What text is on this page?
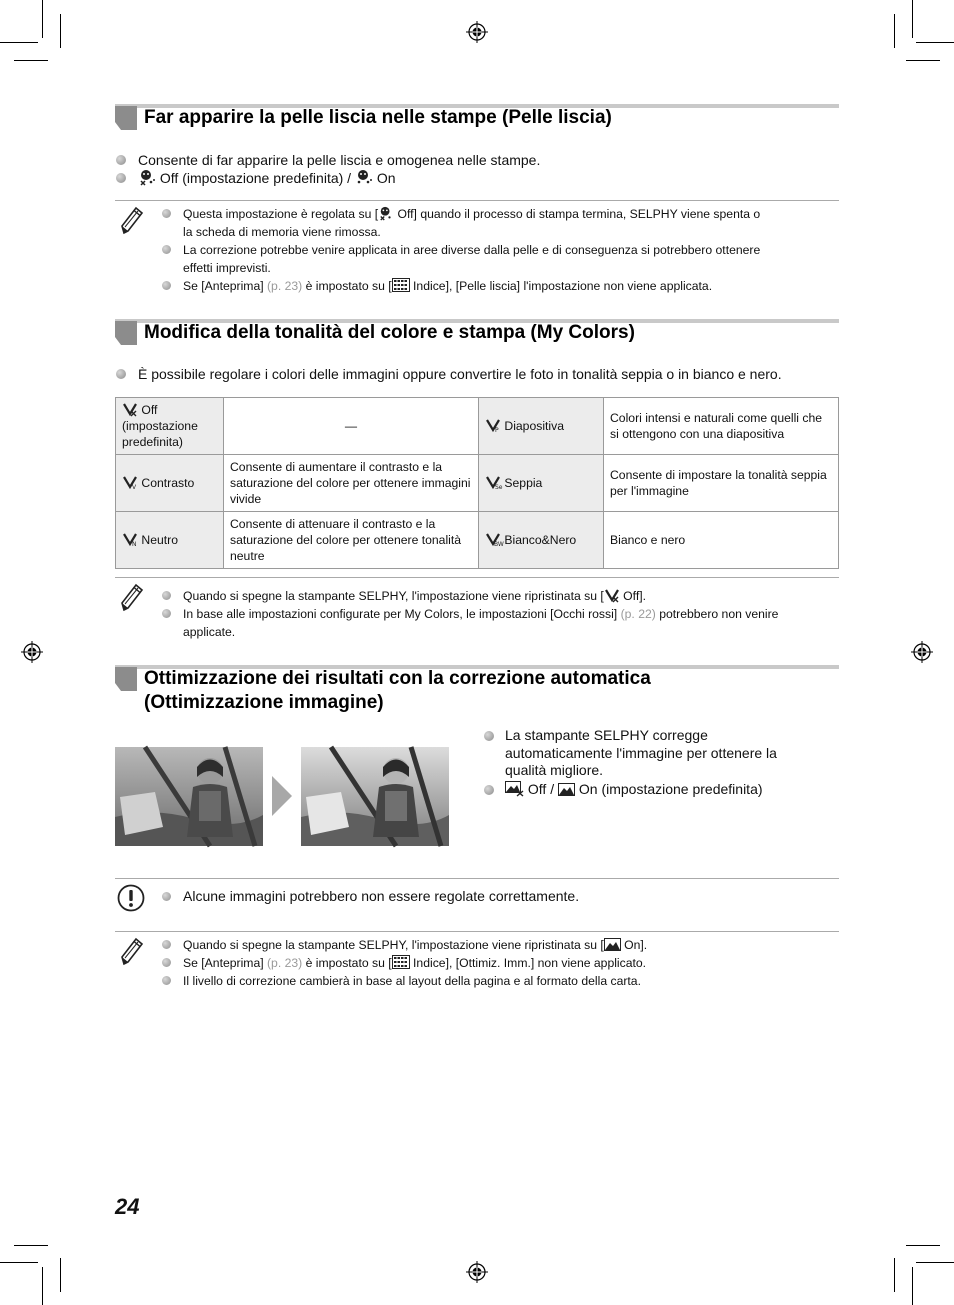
Far apparire la pelle liscia nelle stampe (Pelle liscia)
Consente di far apparire la pelle liscia e omogenea nelle stampe.
Off (impostazione predefinita) / On
Questa impostazione è regolata su [ Off] quando il processo di stampa termina, SELPHY viene spenta o
la scheda di memoria viene rimossa.
La correzione potrebbe venire applicata in aree diverse dalla pelle e di conseguenza si potrebbero ottenere
effetti imprevisti.
Se [Anteprima] (p. 23) è impostato su [ Indice], [Pelle liscia] l'impostazione non viene applicata.
Modifica della tonalità del colore e stampa (My Colors)
È possibile regolare i colori delle immagini oppure convertire le foto in tonalità seppia o in bianco e nero.
Off (impostazione predefinita)	—	P Diapositiva	Colori intensi e naturali come quelli che si ottengono con una diapositiva

V Contrasto	Consente di aumentare il contrasto e la saturazione del colore per ottenere immagini vivide	Se Seppia	Consente di impostare la tonalità seppia per l'immagine

N Neutro	Consente di attenuare il contrasto e la saturazione del colore per ottenere tonalità neutre	BW Bianco&Nero	Bianco e nero
Quando si spegne la stampante SELPHY, l'impostazione viene ripristinata su [ Off].
In base alle impostazioni configurate per My Colors, le impostazioni [Occhi rossi] (p. 22) potrebbero non venire
applicate.
Ottimizzazione dei risultati con la correzione automatica
(Ottimizzazione immagine)
La stampante SELPHY corregge
automaticamente l'immagine per ottenere la
qualità migliore.
Off / On (impostazione predefinita)
Alcune immagini potrebbero non essere regolate correttamente.
Quando si spegne la stampante SELPHY, l'impostazione viene ripristinata su [ On].
Se [Anteprima] (p. 23) è impostato su [ Indice], [Ottimiz. Imm.] non viene applicato.
Il livello di correzione cambierà in base al layout della pagina e al formato della carta.
24
